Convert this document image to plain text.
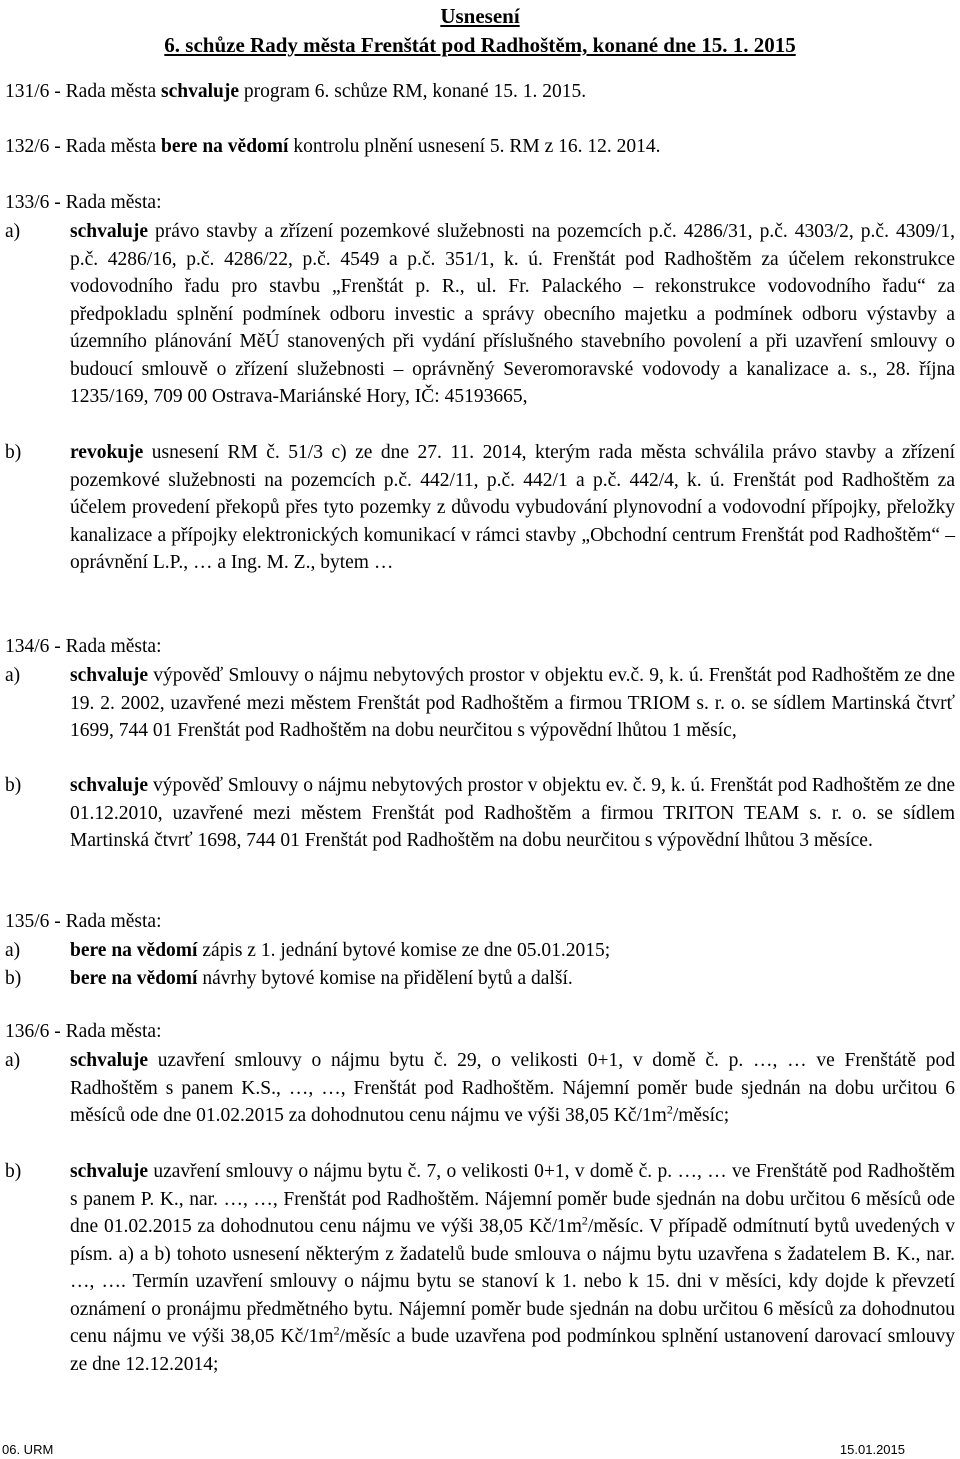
Usnesení
6. schůze Rady města Frenštát pod Radhoštěm, konané dne 15. 1. 2015
131/6 - Rada města schvaluje program 6. schůze RM, konané 15. 1. 2015.
132/6 - Rada města bere na vědomí kontrolu plnění usnesení 5. RM z 16. 12. 2014.
133/6 - Rada města:
a)	schvaluje právo stavby a zřízení pozemkové služebnosti na pozemcích p.č. 4286/31, p.č. 4303/2, p.č. 4309/1, p.č. 4286/16, p.č. 4286/22, p.č. 4549 a p.č. 351/1, k. ú. Frenštát pod Radhoštěm za účelem rekonstrukce vodovodního řadu pro stavbu „Frenštát p. R., ul. Fr. Palackého – rekonstrukce vodovodního řadu“ za předpokladu splnění podmínek odboru investic a správy obecního majetku a podmínek odboru výstavby a územního plánování MěÚ stanovených při vydání příslušného stavebního povolení a při uzavření smlouvy o budoucí smlouvě o zřízení služebnosti – oprávněný Severomoravské vodovody a kanalizace a. s., 28. října 1235/169, 709 00 Ostrava-Mariánské Hory, IČ: 45193665,
b)	revokuje usnesení RM č. 51/3 c) ze dne 27. 11. 2014, kterým rada města schválila právo stavby a zřízení pozemkové služebnosti na pozemcích p.č. 442/11, p.č. 442/1 a p.č. 442/4, k. ú. Frenštát pod Radhoštěm za účelem provedení překopů přes tyto pozemky z důvodu vybudování plynovodní a vodovodní přípojky, přeložky kanalizace a přípojky elektronických komunikací v rámci stavby „Obchodní centrum Frenštát pod Radhoštěm“ – oprávnění L.P., … a Ing. M. Z., bytem …
134/6 - Rada města:
a)	schvaluje výpověď Smlouvy o nájmu nebytových prostor v objektu ev.č. 9, k. ú. Frenštát pod Radhoštěm ze dne 19. 2. 2002, uzavřené mezi městem Frenštát pod Radhoštěm a firmou TRIOM s. r. o. se sídlem Martinská čtvrť 1699, 744 01 Frenštát pod Radhoštěm na dobu neurčitou s výpovědní lhůtou 1 měsíc,
b)	schvaluje výpověď Smlouvy o nájmu nebytových prostor v objektu ev. č. 9, k. ú. Frenštát pod Radhoštěm ze dne 01.12.2010, uzavřené mezi městem Frenštát pod Radhoštěm a firmou TRITON TEAM s. r. o. se sídlem Martinská čtvrť 1698, 744 01 Frenštát pod Radhoštěm na dobu neurčitou s výpovědní lhůtou 3 měsíce.
135/6 - Rada města:
a)	bere na vědomí zápis z 1. jednání bytové komise ze dne 05.01.2015;
b)	bere na vědomí návrhy bytové komise na přidělení bytů a další.
136/6 - Rada města:
a)	schvaluje uzavření smlouvy o nájmu bytu č. 29, o velikosti 0+1, v domě č. p. …, … ve Frenštátě pod Radhoštěm s panem K.S., …, …, Frenštát pod Radhoštěm. Nájemní poměr bude sjednán na dobu určitou 6 měsíců ode dne 01.02.2015 za dohodnutou cenu nájmu ve výši 38,05 $Kč/1m^2$/měsíc;
b)	schvaluje uzavření smlouvy o nájmu bytu č. 7, o velikosti 0+1, v domě č. p. …, … ve Frenštátě pod Radhoštěm s panem P. K., nar. …, …, Frenštát pod Radhoštěm. Nájemní poměr bude sjednán na dobu určitou 6 měsíců ode dne 01.02.2015 za dohodnutou cenu nájmu ve výši 38,05 $Kč/1m^2$/měsíc. V případě odmítnutí bytů uvedených v písm. a) a b) tohoto usnesení některým z žadatelů bude smlouva o nájmu bytu uzavřena s žadatelem B. K., nar. …, …. Termín uzavření smlouvy o nájmu bytu se stanoví k 1. nebo k 15. dni v měsíci, kdy dojde k převzetí oznámení o pronájmu předmětného bytu. Nájemní poměr bude sjednán na dobu určitou 6 měsíců za dohodnutou cenu nájmu ve výši 38,05 $Kč/1m^2$/měsíc a bude uzavřena pod podmínkou splnění ustanovení darovací smlouvy ze dne 12.12.2014;
06. URM	15.01.2015
